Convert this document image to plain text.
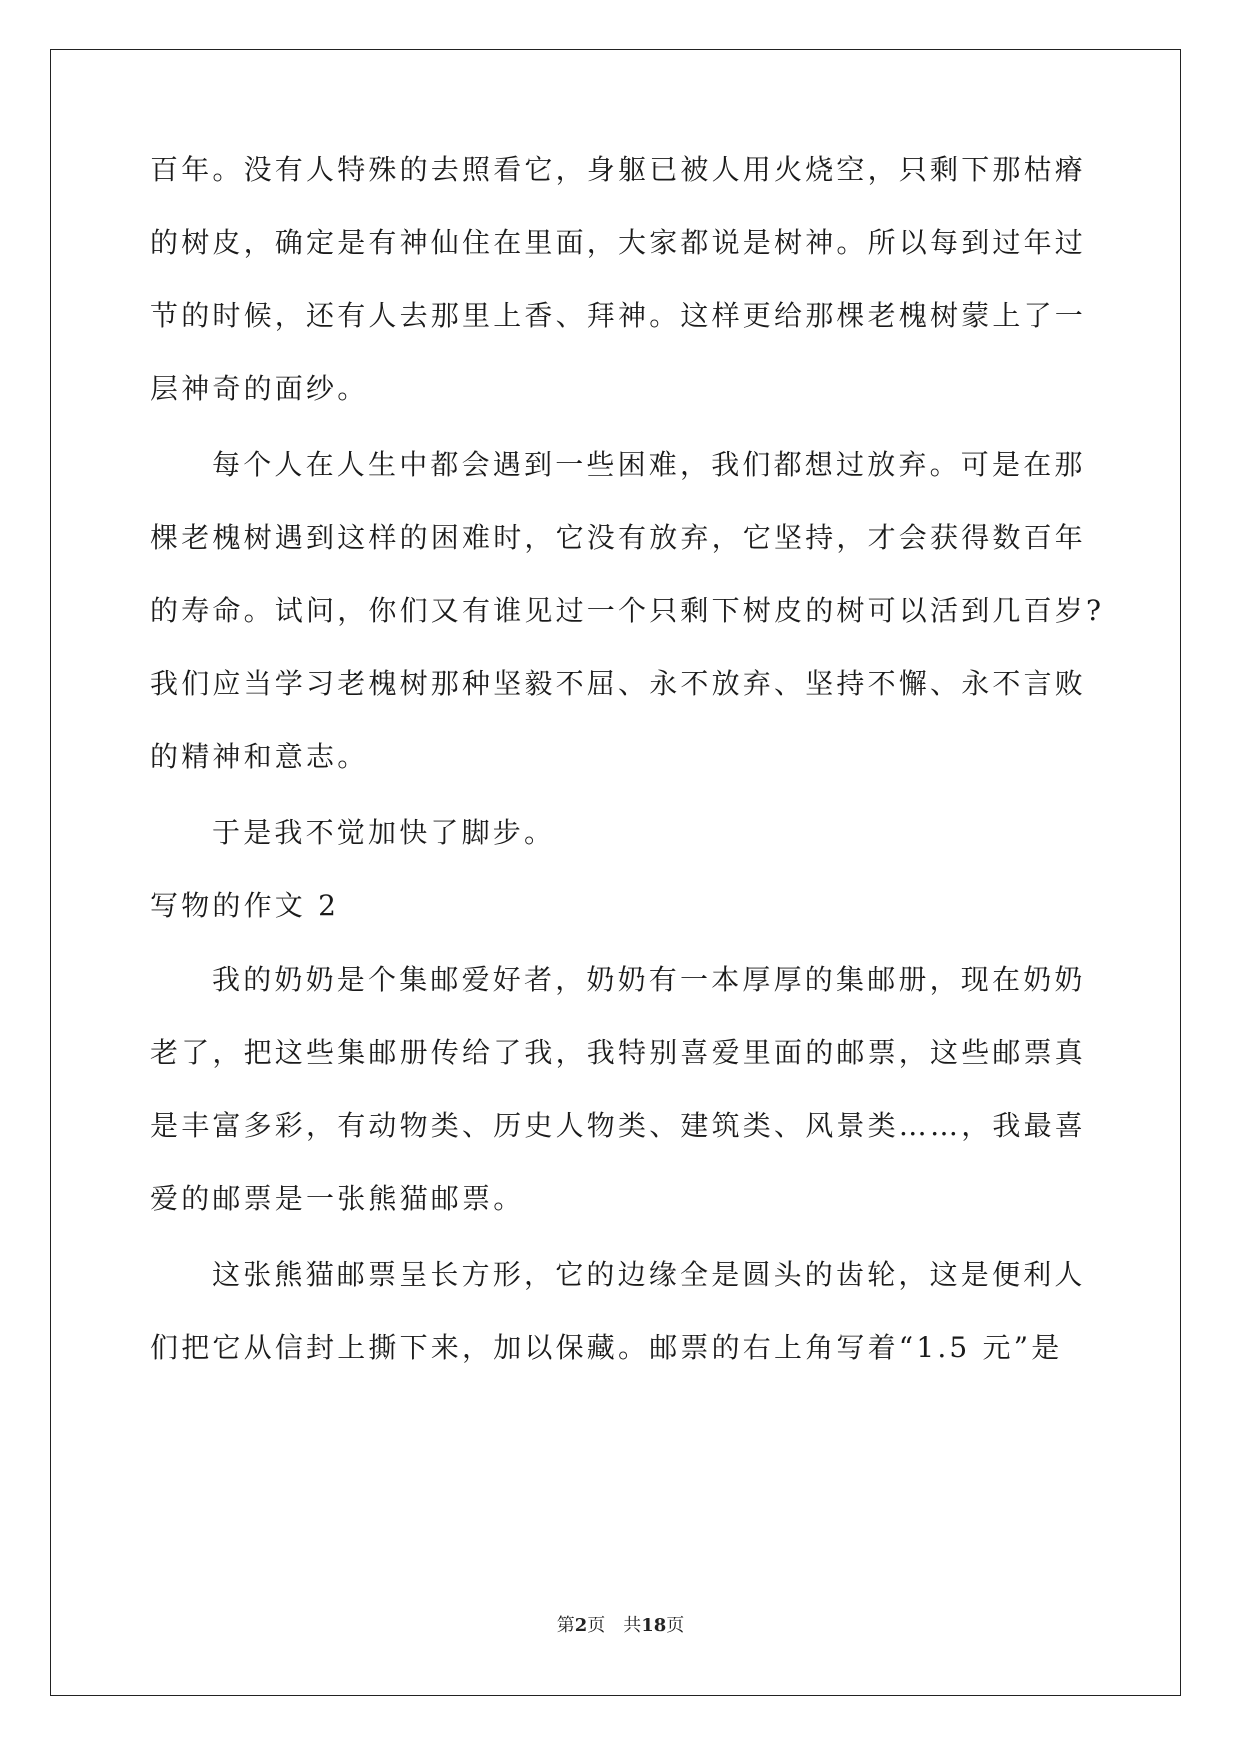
百年。没有人特殊的去照看它，身躯已被人用火烧空，只剩下那枯瘠
的树皮，确定是有神仙住在里面，大家都说是树神。所以每到过年过
节的时候，还有人去那里上香、拜神。这样更给那棵老槐树蒙上了一
层神奇的面纱。
每个人在人生中都会遇到一些困难，我们都想过放弃。可是在那
棵老槐树遇到这样的困难时，它没有放弃，它坚持，才会获得数百年
的寿命。试问，你们又有谁见过一个只剩下树皮的树可以活到几百岁?
我们应当学习老槐树那种坚毅不屈、永不放弃、坚持不懈、永不言败
的精神和意志。
于是我不觉加快了脚步。
写物的作文 2
我的奶奶是个集邮爱好者，奶奶有一本厚厚的集邮册，现在奶奶
老了，把这些集邮册传给了我，我特别喜爱里面的邮票，这些邮票真
是丰富多彩，有动物类、历史人物类、建筑类、风景类……，我最喜
爱的邮票是一张熊猫邮票。
这张熊猫邮票呈长方形，它的边缘全是圆头的齿轮，这是便利人
们把它从信封上撕下来，加以保藏。邮票的右上角写着“1.5 元”是
第2页　共18页
